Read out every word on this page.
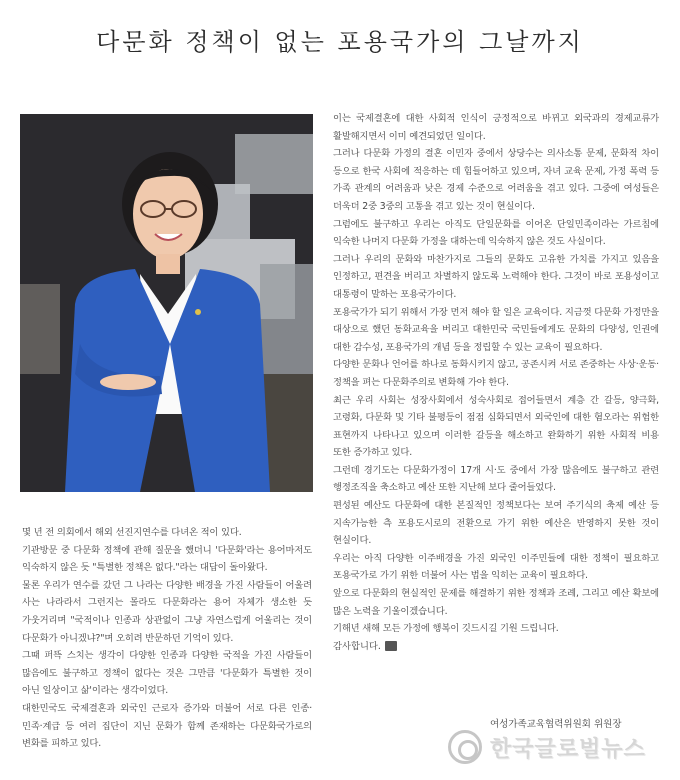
다문화 정책이 없는 포용국가의 그날까지

몇 년 전 의회에서 해외 선진지연수를 다녀온 적이 있다.

기관방문 중 다문화 정책에 관해 질문을 했더니 '다문화'라는 용어마저도 익숙하지 않은 듯 "특별한 정책은 없다."라는 대답이 돌아왔다.

물론 우리가 연수를 갔던 그 나라는 다양한 배경을 가진 사람들이 어울려 사는 나라라서 그런지는 몰라도 다문화라는 용어 자체가 생소한 듯 가웃거리며 "국적이나 인종과 상관없이 그냥 자연스럽게 어울리는 것이 다문화가 아니겠냐?"며 오히려 반문하던 기억이 있다.

그때 퍼뜩 스치는 생각이 다양한 인종과 다양한 국적을 가진 사람들이 많음에도 불구하고 정책이 없다는 것은 그만큼 '다문화가 특별한 것이 아닌 일상이고 삶'이라는 생각이었다.

대한민국도 국제결혼과 외국인 근로자 증가와 더불어 서로 다른 인종·민족·계급 등 여러 집단이 지닌 문화가 함께 존재하는 다문화국가로의 변화를 피하고 있다.

이는 국제결혼에 대한 사회적 인식이 긍정적으로 바뀌고 외국과의 경제교류가 활발해지면서 이미 예견되었던 일이다.

그러나 다문화 가정의 결혼 이민자 중에서 상당수는 의사소통 문제, 문화적 차이 등으로 한국 사회에 적응하는 데 힘들어하고 있으며, 자녀 교육 문제, 가정 폭력 등 가족 관계의 어려움과 낮은 경제 수준으로 어려움을 겪고 있다. 그중에 여성들은 더욱더 2중 3중의 고통을 겪고 있는 것이 현실이다.

그럼에도 불구하고 우리는 아직도 단일문화를 이어온 단일민족이라는 가르침에 익숙한 나머지 다문화 가정을 대하는데 익숙하지 않은 것도 사실이다.

그러나 우리의 문화와 마찬가지로 그들의 문화도 고유한 가치를 가지고 있음을 인정하고, 편견을 버리고 차별하지 않도록 노력해야 한다. 그것이 바로 포용성이고 대통령이 말하는 포용국가이다.

포용국가가 되기 위해서 가장 먼저 해야 할 일은 교육이다. 지금껏 다문화 가정만을 대상으로 했던 동화교육을 버리고 대한민국 국민들에게도 문화의 다양성, 인권에 대한 감수성, 포용국가의 개념 등을 정립할 수 있는 교육이 필요하다.

다양한 문화나 언어를 하나로 동화시키지 않고, 공존시켜 서로 존중하는 사상·운동·정책을 펴는 다문화주의로 변화해 가야 한다.

최근 우리 사회는 성장사회에서 성숙사회로 접어들면서 계층 간 갈등, 양극화, 고령화, 다문화 및 기타 불평등이 점점 심화되면서 외국인에 대한 혐오라는 위험한 표현까지 나타나고 있으며 이러한 갈등을 해소하고 완화하기 위한 사회적 비용 또한 증가하고 있다.

그런데 경기도는 다문화가정이 17개 시·도 중에서 가장 많음에도 불구하고 관련 행정조직을 축소하고 예산 또한 지난해 보다 줄어들었다.

편성된 예산도 다문화에 대한 본질적인 정책보다는 보여 주기식의 축제 예산 등 지속가능한 측 포용도시로의 전환으로 가기 위한 예산은 반영하지 못한 것이 현실이다.

우리는 아직 다양한 이주배경을 가진 외국인 이주민들에 대한 정책이 필요하고 포용국가로 가기 위한 더불어 사는 법을 익히는 교육이 필요하다.

앞으로 다문화의 현실적인 문제를 해결하기 위한 정책과 조례, 그리고 예산 확보에 많은 노력을 기울이겠습니다.

기해년 새해 모든 가정에 행복이 깃드시길 기원 드립니다.

감사합니다.

여성가족교육협력위원회 위원장
한국글로벌뉴스
